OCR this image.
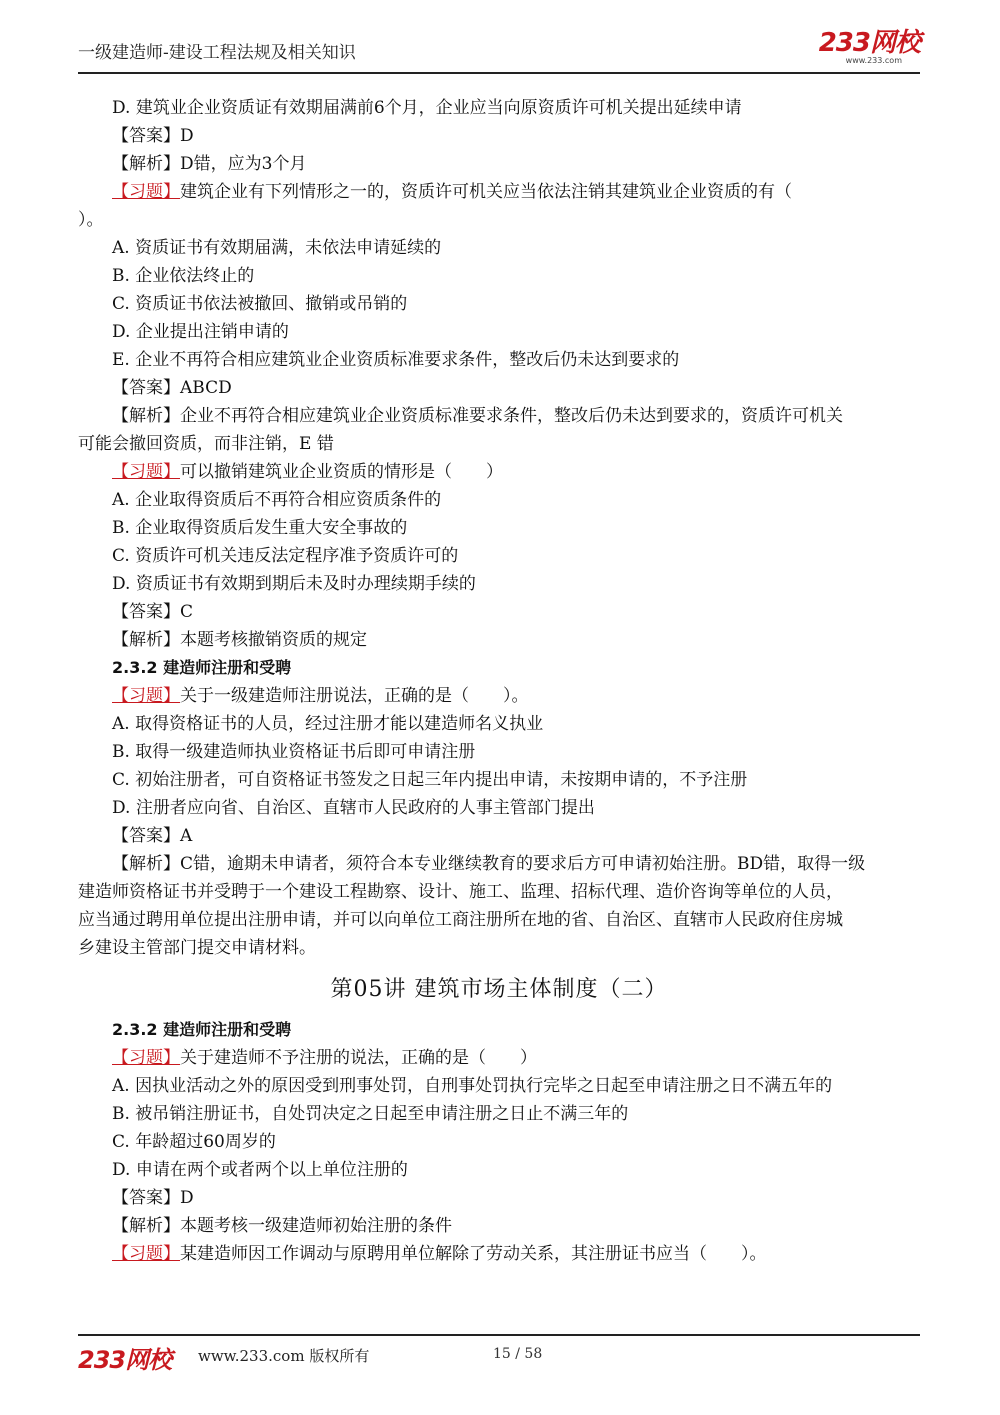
一级建造师-建设工程法规及相关知识	233网校
www.233.com
D. 建筑业企业资质证有效期届满前6个月，企业应当向原资质许可机关提出延续申请
【答案】D
【解析】D错，应为3个月
【习题】建筑企业有下列情形之一的，资质许可机关应当依法注销其建筑业企业资质的有（
）。
A. 资质证书有效期届满，未依法申请延续的
B. 企业依法终止的
C. 资质证书依法被撤回、撤销或吊销的
D. 企业提出注销申请的
E. 企业不再符合相应建筑业企业资质标准要求条件，整改后仍未达到要求的
【答案】ABCD
【解析】企业不再符合相应建筑业企业资质标准要求条件，整改后仍未达到要求的，资质许可机关
可能会撤回资质，而非注销，E 错
【习题】可以撤销建筑业企业资质的情形是（　　）
A. 企业取得资质后不再符合相应资质条件的
B. 企业取得资质后发生重大安全事故的
C. 资质许可机关违反法定程序准予资质许可的
D. 资质证书有效期到期后未及时办理续期手续的
【答案】C
【解析】本题考核撤销资质的规定
2.3.2 建造师注册和受聘
【习题】关于一级建造师注册说法，正确的是（　　）。
A. 取得资格证书的人员，经过注册才能以建造师名义执业
B. 取得一级建造师执业资格证书后即可申请注册
C. 初始注册者，可自资格证书签发之日起三年内提出申请，未按期申请的，不予注册
D. 注册者应向省、自治区、直辖市人民政府的人事主管部门提出
【答案】A
【解析】C错，逾期未申请者，须符合本专业继续教育的要求后方可申请初始注册。BD错，取得一级
建造师资格证书并受聘于一个建设工程勘察、设计、施工、监理、招标代理、造价咨询等单位的人员，
应当通过聘用单位提出注册申请，并可以向单位工商注册所在地的省、自治区、直辖市人民政府住房城
乡建设主管部门提交申请材料。
第05讲 建筑市场主体制度（二）
2.3.2 建造师注册和受聘
【习题】关于建造师不予注册的说法，正确的是（　　）
A. 因执业活动之外的原因受到刑事处罚，自刑事处罚执行完毕之日起至申请注册之日不满五年的
B. 被吊销注册证书，自处罚决定之日起至申请注册之日止不满三年的
C. 年龄超过60周岁的
D. 申请在两个或者两个以上单位注册的
【答案】D
【解析】本题考核一级建造师初始注册的条件
【习题】某建造师因工作调动与原聘用单位解除了劳动关系，其注册证书应当（　　）。
233网校 www.233.com 版权所有	15 / 58
